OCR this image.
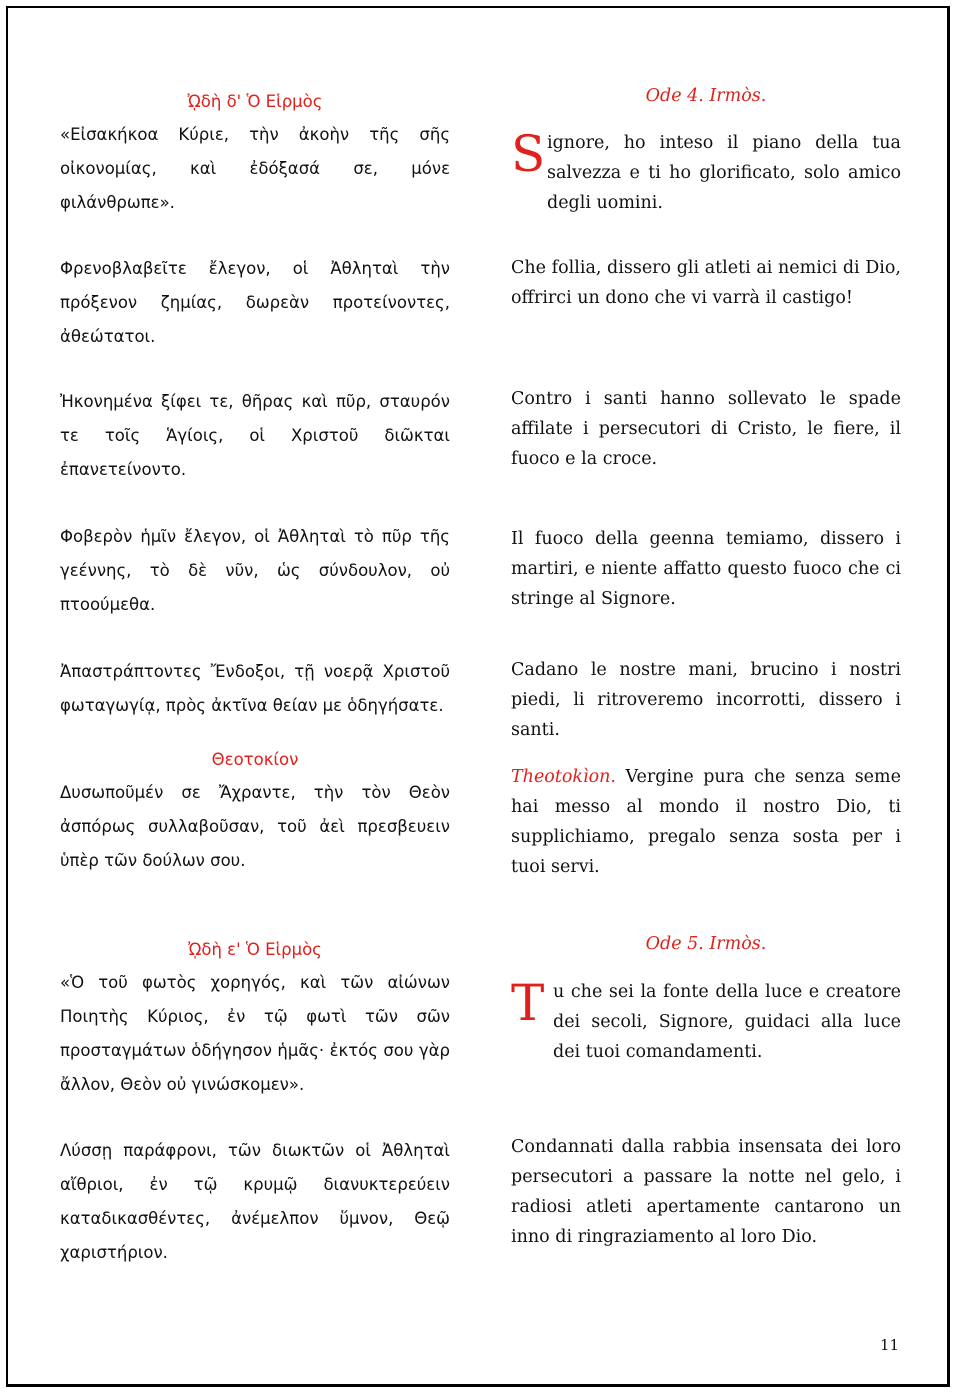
ᾨδὴ δ' Ὁ Εἱρμὸς	Ode 4. Irmòs.

«Εἰσακήκοα Κύριε, τὴν ἀκοὴν τῆς σῆς οἰκονομίας, καὶ ἐδόξασά σε, μόνε φιλάνθρωπε».

S ignore, ho inteso il piano della tua salvezza e ti ho glorificato, solo amico degli uomini.

Φρενοβλαβεῖτε ἔλεγον, οἱ Ἀθληταὶ τὴν πρόξενον ζημίας, δωρεὰν προτείνοντες, ἀθεώτατοι.

Che follia, dissero gli atleti ai nemici di Dio, offrirci un dono che vi varrà il castigo!

Ἠκονημένα ξίφει τε, θῆρας καὶ πῦρ, σταυρόν τε τοῖς Ἁγίοις, οἱ Χριστοῦ διῶκται ἐπανετείνοντο.

Contro i santi hanno sollevato le spade affilate i persecutori di Cristo, le fiere, il fuoco e la croce.

Φοβερὸν ἡμῖν ἔλεγον, οἱ Ἀθληταὶ τὸ πῦρ τῆς γεέννης, τὸ δὲ νῦν, ὡς σύνδουλον, οὐ πτοούμεθα.

Il fuoco della geenna temiamo, dissero i martiri, e niente affatto questo fuoco che ci stringe al Signore.

Ἀπαστράπτοντες Ἔνδοξοι, τῇ νοερᾷ Χριστοῦ φωταγωγίᾳ, πρὸς ἀκτῖνα θείαν με ὁδηγήσατε.

Cadano le nostre mani, brucino i nostri piedi, li ritroveremo incorrotti, dissero i santi.

Θεοτοκίον

Δυσωποῦμέν σε Ἄχραντε, τὴν τὸν Θεὸν ἀσπόρως συλλαβοῦσαν, τοῦ ἀεὶ πρεσβευειν ὑπὲρ τῶν δούλων σου.

Theotokìon. Vergine pura che senza seme hai messo al mondo il nostro Dio, ti supplichiamo, pregalo senza sosta per i tuoi servi.

ᾨδὴ ε' Ὁ Εἱρμὸς	Ode 5. Irmòs.

«Ὁ τοῦ φωτὸς χορηγός, καὶ τῶν αἰώνων Ποιητὴς Κύριος, ἐν τῷ φωτὶ τῶν σῶν προσταγμάτων ὁδήγησον ἡμᾶς· ἐκτός σου γὰρ ἄλλον, Θεὸν οὐ γινώσκομεν».

T u che sei la fonte della luce e creatore dei secoli, Signore, guidaci alla luce dei tuoi comandamenti.

Λύσσῃ παράφρονι, τῶν διωκτῶν οἱ Ἀθληταὶ αἴθριοι, ἐν τῷ κρυμῷ διανυκτερεύειν καταδικασθέντες, ἀνέμελπον ὕμνον, Θεῷ χαριστήριον.

Condannati dalla rabbia insensata dei loro persecutori a passare la notte nel gelo, i radiosi atleti apertamente cantarono un inno di ringraziamento al loro Dio.

11
